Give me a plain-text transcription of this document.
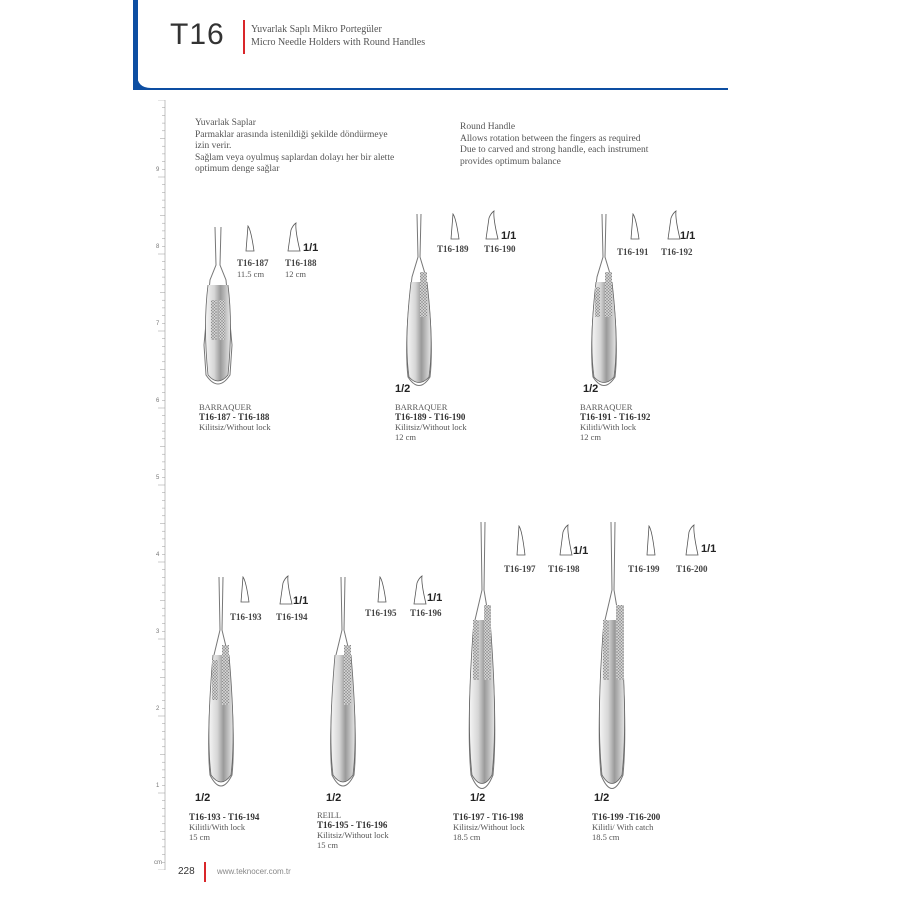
T16	Yuvarlak Saplı Mikro Portegüler
Micro Needle Holders with Round Handles
9
8
7
6
5
4
3
2
1
cm
Yuvarlak Saplar
Parmaklar arasında istenildiği şekilde döndürmeye
izin verir.
Sağlam veya oyulmuş saplardan dolayı her bir alette
optimum denge sağlar
Round Handle
Allows rotation between the fingers as required
Due to carved and strong handle, each instrument
provides optimum balance
1/1
T16-187
11.5 cm
T16-188
12 cm
BARRAQUER
T16-187 - T16-188
Kilitsiz/Without lock
1/1
T16-189 T16-190
1/2
BARRAQUER
T16-189 - T16-190
Kilitsiz/Without lock
12 cm
1/1
T16-191 T16-192
1/2
BARRAQUER
T16-191 - T16-192
Kilitli/With lock
12 cm
1/1
T16-193 T16-194
1/2
T16-193 - T16-194
Kilitli/With lock
15 cm
1/1
T16-195 T16-196
1/2
REILL
T16-195 - T16-196
Kilitsiz/Without lock
15 cm
1/1
T16-197 T16-198
1/2
T16-197 - T16-198
Kilitsiz/Without lock
18.5 cm
1/1
T16-199 T16-200
1/2
T16-199 -T16-200
Kilitli/ With catch
18.5 cm
228	www.teknocer.com.tr
